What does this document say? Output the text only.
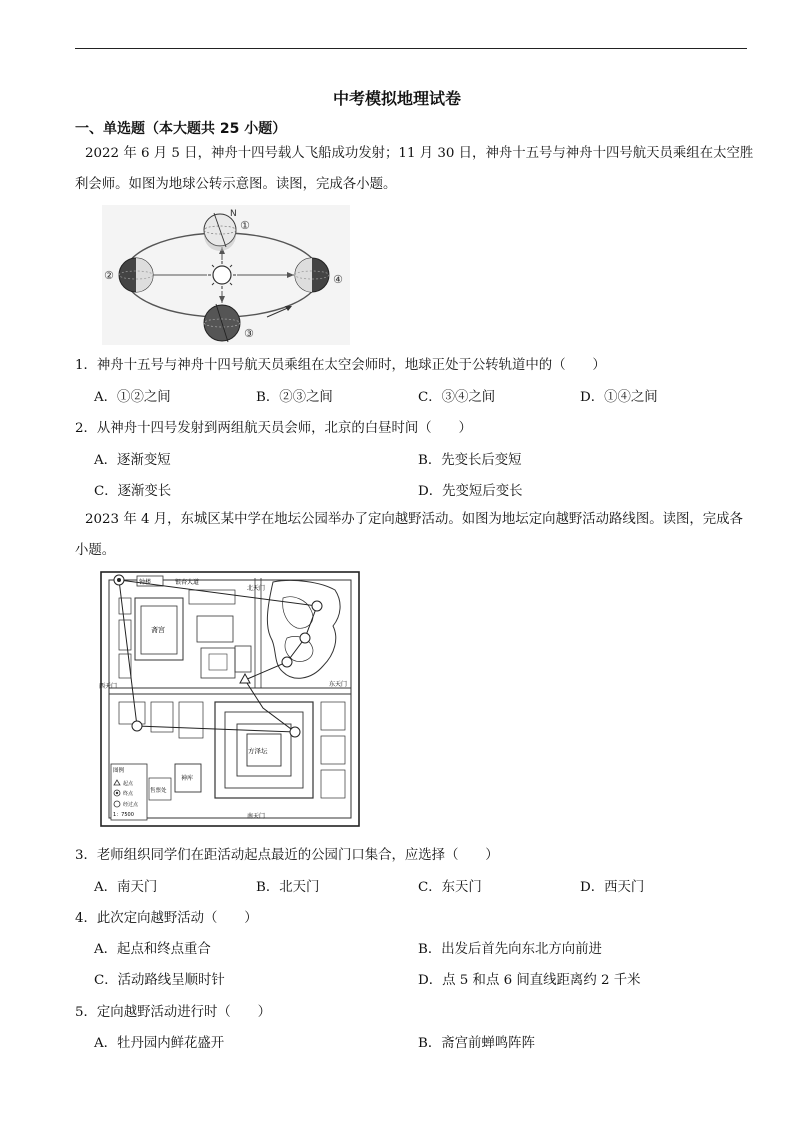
中考模拟地理试卷
一、单选题（本大题共 25 小题）
2022 年 6 月 5 日，神舟十四号载人飞船成功发射；11 月 30 日，神舟十五号与神舟十四号航天员乘组在太空胜利会师。如图为地球公转示意图。读图，完成各小题。
N
①
②	④
③
1．神舟十五号与神舟十四号航天员乘组在太空会师时，地球正处于公转轨道中的（　　）
A．①②之间	B．②③之间	C．③④之间	D．①④之间
2．从神舟十四号发射到两组航天员会师，北京的白昼时间（　　）
A．逐渐变短	B．先变长后变短
C．逐渐变长	D．先变短后变长
2023 年 4 月，东城区某中学在地坛公园举办了定向越野活动。如图为地坛定向越野活动路线图。读图，完成各小题。
斋宫
钟楼	银杏大道
北天门
西天门	东天门
方泽坛
神库
售票处
南天门
图例
起点
终点
经过点
1：7500
3．老师组织同学们在距活动起点最近的公园门口集合，应选择（　　）
A．南天门	B．北天门	C．东天门	D．西天门
4．此次定向越野活动（　　）
A．起点和终点重合	B．出发后首先向东北方向前进
C．活动路线呈顺时针	D．点 5 和点 6 间直线距离约 2 千米
5．定向越野活动进行时（　　）
A．牡丹园内鲜花盛开	B．斋宫前蝉鸣阵阵
